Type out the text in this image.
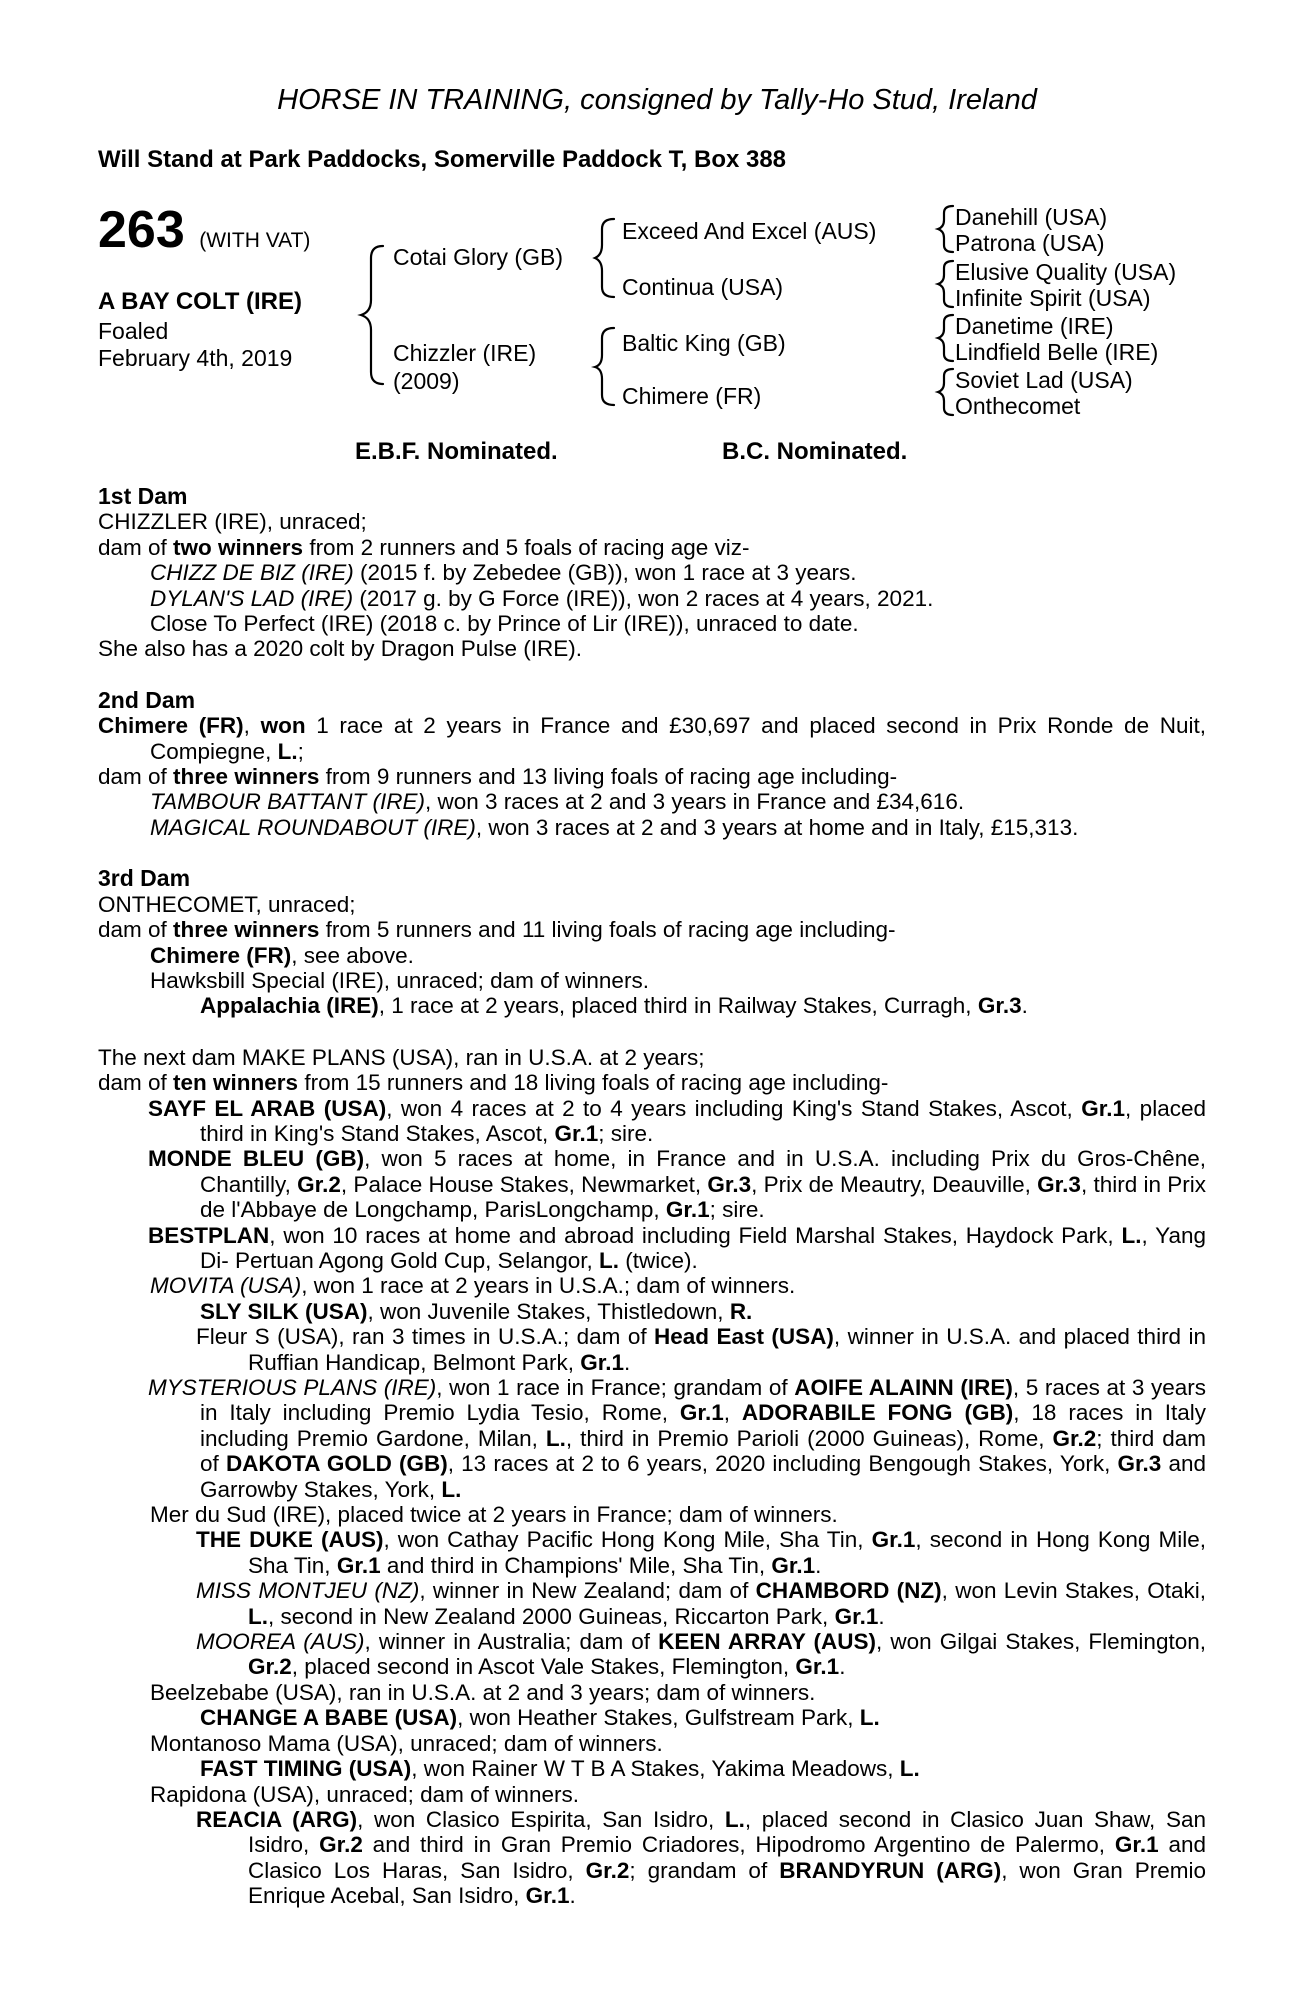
HORSE IN TRAINING, consigned by Tally-Ho Stud, Ireland
Will Stand at Park Paddocks, Somerville Paddock T, Box 388
263 (WITH VAT)
A BAY COLT (IRE)
Foaled
February 4th, 2019
Cotai Glory (GB)
Chizzler (IRE)
(2009)
Exceed And Excel (AUS)
Continua (USA)
Baltic King (GB)
Chimere (FR)
Danehill (USA)
Patrona (USA)
Elusive Quality (USA)
Infinite Spirit (USA)
Danetime (IRE)
Lindfield Belle (IRE)
Soviet Lad (USA)
Onthecomet
E.B.F. Nominated.	B.C. Nominated.

1st Dam

CHIZZLER (IRE), unraced;

dam of two winners from 2 runners and 5 foals of racing age viz-

CHIZZ DE BIZ (IRE) (2015 f. by Zebedee (GB)), won 1 race at 3 years.

DYLAN'S LAD (IRE) (2017 g. by G Force (IRE)), won 2 races at 4 years, 2021.

Close To Perfect (IRE) (2018 c. by Prince of Lir (IRE)), unraced to date.

She also has a 2020 colt by Dragon Pulse (IRE).

2nd Dam

Chimere (FR), won 1 race at 2 years in France and £30,697 and placed second in Prix Ronde de Nuit, Compiegne, L.;

dam of three winners from 9 runners and 13 living foals of racing age including-

TAMBOUR BATTANT (IRE), won 3 races at 2 and 3 years in France and £34,616.

MAGICAL ROUNDABOUT (IRE), won 3 races at 2 and 3 years at home and in Italy, £15,313.

3rd Dam

ONTHECOMET, unraced;

dam of three winners from 5 runners and 11 living foals of racing age including-

Chimere (FR), see above.

Hawksbill Special (IRE), unraced; dam of winners.

Appalachia (IRE), 1 race at 2 years, placed third in Railway Stakes, Curragh, Gr.3.

The next dam MAKE PLANS (USA), ran in U.S.A. at 2 years;

dam of ten winners from 15 runners and 18 living foals of racing age including-

SAYF EL ARAB (USA), won 4 races at 2 to 4 years including King's Stand Stakes, Ascot, Gr.1, placed third in King's Stand Stakes, Ascot, Gr.1; sire.

MONDE BLEU (GB), won 5 races at home, in France and in U.S.A. including Prix du Gros-Chêne, Chantilly, Gr.2, Palace House Stakes, Newmarket, Gr.3, Prix de Meautry, Deauville, Gr.3, third in Prix de l'Abbaye de Longchamp, ParisLongchamp, Gr.1; sire.

BESTPLAN, won 10 races at home and abroad including Field Marshal Stakes, Haydock Park, L., Yang Di- Pertuan Agong Gold Cup, Selangor, L. (twice).

MOVITA (USA), won 1 race at 2 years in U.S.A.; dam of winners.

SLY SILK (USA), won Juvenile Stakes, Thistledown, R.

Fleur S (USA), ran 3 times in U.S.A.; dam of Head East (USA), winner in U.S.A. and placed third in Ruffian Handicap, Belmont Park, Gr.1.

MYSTERIOUS PLANS (IRE), won 1 race in France; grandam of AOIFE ALAINN (IRE), 5 races at 3 years in Italy including Premio Lydia Tesio, Rome, Gr.1, ADORABILE FONG (GB), 18 races in Italy including Premio Gardone, Milan, L., third in Premio Parioli (2000 Guineas), Rome, Gr.2; third dam of DAKOTA GOLD (GB), 13 races at 2 to 6 years, 2020 including Bengough Stakes, York, Gr.3 and Garrowby Stakes, York, L.

Mer du Sud (IRE), placed twice at 2 years in France; dam of winners.

THE DUKE (AUS), won Cathay Pacific Hong Kong Mile, Sha Tin, Gr.1, second in Hong Kong Mile, Sha Tin, Gr.1 and third in Champions' Mile, Sha Tin, Gr.1.

MISS MONTJEU (NZ), winner in New Zealand; dam of CHAMBORD (NZ), won Levin Stakes, Otaki, L., second in New Zealand 2000 Guineas, Riccarton Park, Gr.1.

MOOREA (AUS), winner in Australia; dam of KEEN ARRAY (AUS), won Gilgai Stakes, Flemington, Gr.2, placed second in Ascot Vale Stakes, Flemington, Gr.1.

Beelzebabe (USA), ran in U.S.A. at 2 and 3 years; dam of winners.

CHANGE A BABE (USA), won Heather Stakes, Gulfstream Park, L.

Montanoso Mama (USA), unraced; dam of winners.

FAST TIMING (USA), won Rainer W T B A Stakes, Yakima Meadows, L.

Rapidona (USA), unraced; dam of winners.

REACIA (ARG), won Clasico Espirita, San Isidro, L., placed second in Clasico Juan Shaw, San Isidro, Gr.2 and third in Gran Premio Criadores, Hipodromo Argentino de Palermo, Gr.1 and Clasico Los Haras, San Isidro, Gr.2; grandam of BRANDYRUN (ARG), won Gran Premio Enrique Acebal, San Isidro, Gr.1.
